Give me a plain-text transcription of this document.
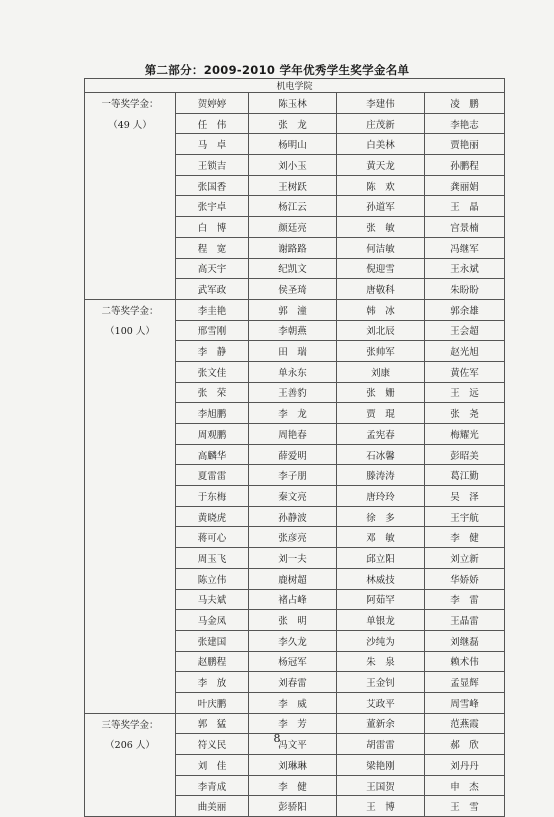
第二部分：2009-2010 学年优秀学生奖学金名单
机电学院					
一等奖学金：	贺婷婷	陈玉林	李建伟	凌　鹏	
（49 人）	任　伟	张　龙	庄茂新	李艳志	
	马　卓	杨明山	白美林	贾艳丽	
	王锁吉	刘小玉	黄天龙	孙鹏程	
	张国香	王树跃	陈　欢	龚丽娟	
	张宇卓	杨江云	孙道军	王　晶	
	白　博	颜廷亮	张　敏	宫景楠	
	程　宽	谢路路	何洁敏	冯继军	
	高天宇	纪凯文	倪迎雪	王永斌	
	武军政	侯圣琦	唐敬科	朱盼盼	
二等奖学金：	李圭艳	郭　潼	韩　冰	郭余雄	
（100 人）	邢雪刚	李朝燕	刘北辰	王会超	
	李　静	田　瑞	张帅军	赵光旭	
	张文佳	单永东	刘康	黄佐军	
	张　荣	王善豹	张　姗	王　远	
	李旭鹏	李　龙	贾　琨	张　尧	
	周观鹏	周艳春	孟宪春	梅耀光	
	高麟华	薛爱明	石冰馨	彭昭美	
	夏雷雷	李子朋	滕涛涛	葛江勤	
	于东梅	秦文亮	唐玲玲	吴　泽	
	黄晓虎	孙静波	徐　多	王宇航	
	蒋可心	张彦亮	邓　敏	李　健	
	周玉飞	刘一夫	邱立阳	刘立新	
	陈立伟	鹿树超	林威技	华娇娇	
	马夫斌	褚占峰	阿茹罕	李　雷	
	马金凤	张　明	单银龙	王晶雷	
	张建国	李久龙	沙纯为	刘继磊	
	赵鹏程	杨冠军	朱　泉	赖术伟	
	李　放	刘春雷	王金钊	孟显辉	
	叶庆鹏	李　威	艾政平	周雪峰	
三等奖学金：	郭　猛	李　芳	董新余	范燕霞	
（206 人）	符义民	冯文平	胡雷雷	郝　欣	
	刘　佳	刘琳琳	梁艳刚	刘丹丹	
	李青成	李　健	王国贺	申　杰	
	曲美丽	彭骄阳	王　博	王　雪	
8
